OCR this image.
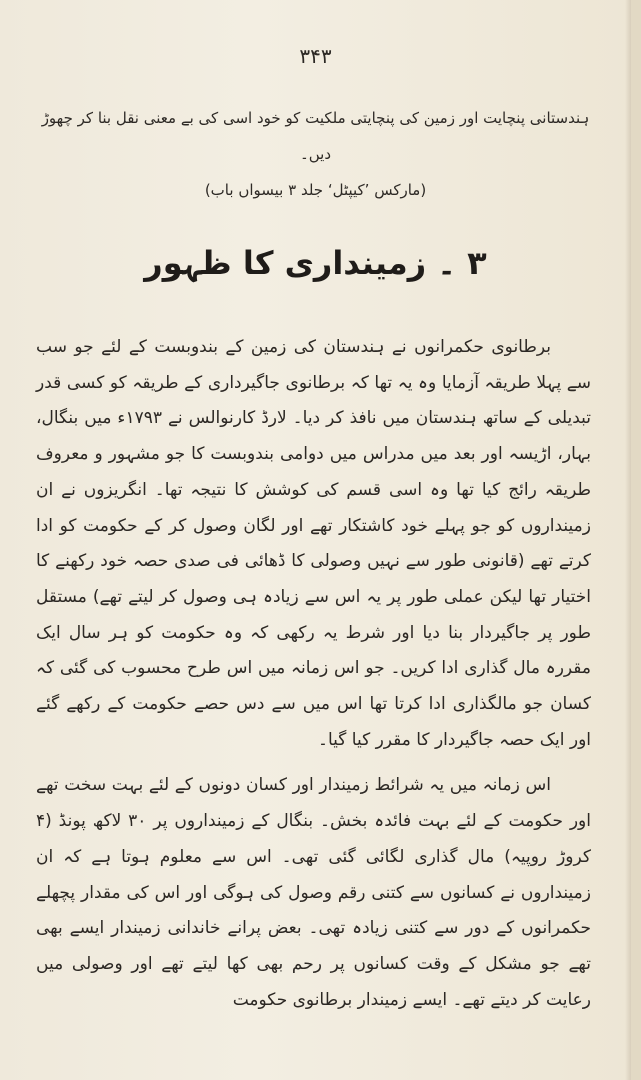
۳۴۳
ہندستانی پنچایت اور زمین کی پنچایتی ملکیت کو خود اسی کی بے معنی نقل بنا کر چھوڑ دیں۔
(مارکس ’کیپٹل‘ جلد ۳ بیسواں باب)
۳ ۔ زمینداری کا ظہور

برطانوی حکمرانوں نے ہندستان کی زمین کے بندوبست کے لئے جو سب سے پہلا طریقہ آزمایا وہ یہ تھا کہ برطانوی جاگیرداری کے طریقہ کو کسی قدر تبدیلی کے ساتھ ہندستان میں نافذ کر دیا۔ لارڈ کارنوالس نے ۱۷۹۳ء میں بنگال، بہار، اڑیسہ اور بعد میں مدراس میں دوامی بندوبست کا جو مشہور و معروف طریقہ رائج کیا تھا وہ اسی قسم کی کوشش کا نتیجہ تھا۔ انگریزوں نے ان زمینداروں کو جو پہلے خود کاشتکار تھے اور لگان وصول کر کے حکومت کو ادا کرتے تھے (قانونی طور سے نہیں وصولی کا ڈھائی فی صدی حصہ خود رکھنے کا اختیار تھا لیکن عملی طور پر یہ اس سے زیادہ ہی وصول کر لیتے تھے) مستقل طور پر جاگیردار بنا دیا اور شرط یہ رکھی کہ وہ حکومت کو ہر سال ایک مقررہ مال گذاری ادا کریں۔ جو اس زمانہ میں اس طرح محسوب کی گئی کہ کسان جو مالگذاری ادا کرتا تھا اس میں سے دس حصے حکومت کے رکھے گئے اور ایک حصہ جاگیردار کا مقرر کیا گیا۔

اس زمانہ میں یہ شرائط زمیندار اور کسان دونوں کے لئے بہت سخت تھے اور حکومت کے لئے بہت فائدہ بخش۔ بنگال کے زمینداروں پر ۳۰ لاکھ پونڈ (۴ کروڑ روپیہ) مال گذاری لگائی گئی تھی۔ اس سے معلوم ہوتا ہے کہ ان زمینداروں نے کسانوں سے کتنی رقم وصول کی ہوگی اور اس کی مقدار پچھلے حکمرانوں کے دور سے کتنی زیادہ تھی۔ بعض پرانے خاندانی زمیندار ایسے بھی تھے جو مشکل کے وقت کسانوں پر رحم بھی کھا لیتے تھے اور وصولی میں رعایت کر دیتے تھے۔ ایسے زمیندار برطانوی حکومت
